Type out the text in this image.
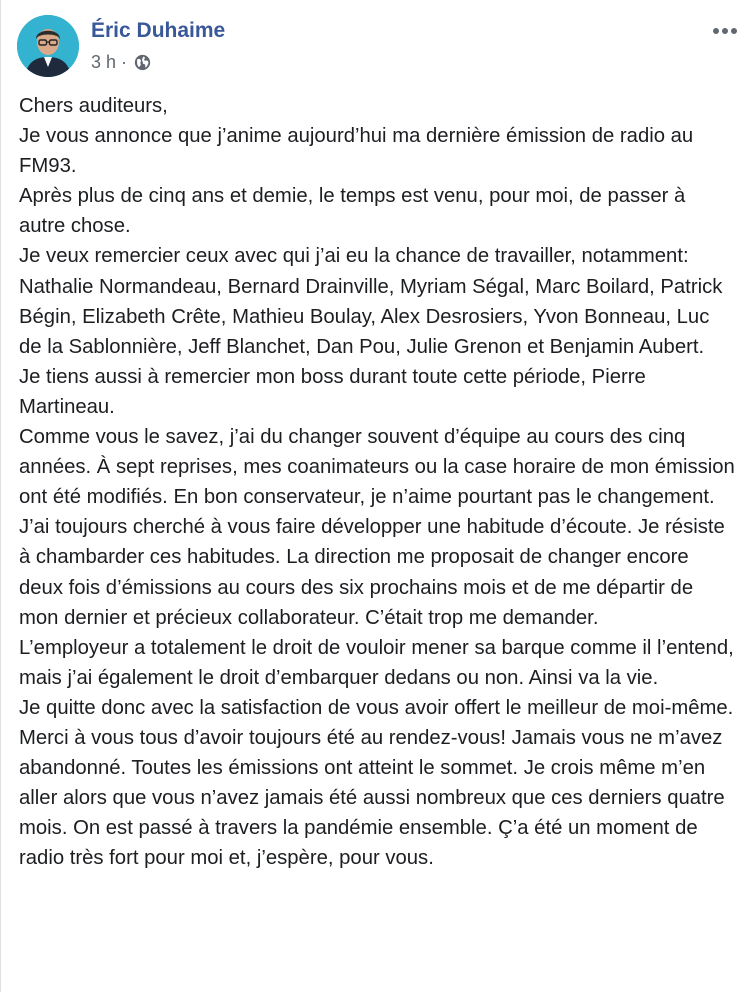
Éric Duhaime
3 h ·

Chers auditeurs,

Je vous annonce que j’anime aujourd’hui ma dernière émission de radio au FM93.

Après plus de cinq ans et demie, le temps est venu, pour moi, de passer à autre chose.

Je veux remercier ceux avec qui j’ai eu la chance de travailler, notamment: Nathalie Normandeau, Bernard Drainville, Myriam Ségal, Marc Boilard, Patrick Bégin, Elizabeth Crête, Mathieu Boulay, Alex Desrosiers, Yvon Bonneau, Luc de la Sablonnière, Jeff Blanchet, Dan Pou, Julie Grenon et Benjamin Aubert.

Je tiens aussi à remercier mon boss durant toute cette période, Pierre Martineau.

Comme vous le savez, j’ai du changer souvent d’équipe au cours des cinq années. À sept reprises, mes coanimateurs ou la case horaire de mon émission ont été modifiés. En bon conservateur, je n’aime pourtant pas le changement. J’ai toujours cherché à vous faire développer une habitude d’écoute. Je résiste à chambarder ces habitudes. La direction me proposait de changer encore deux fois d’émissions au cours des six prochains mois et de me départir de mon dernier et précieux collaborateur. C’était trop me demander.

L’employeur a totalement le droit de vouloir mener sa barque comme il l’entend, mais j’ai également le droit d’embarquer dedans ou non. Ainsi va la vie.

Je quitte donc avec la satisfaction de vous avoir offert le meilleur de moi-même. Merci à vous tous d’avoir toujours été au rendez-vous! Jamais vous ne m’avez abandonné. Toutes les émissions ont atteint le sommet. Je crois même m’en aller alors que vous n’avez jamais été aussi nombreux que ces derniers quatre mois. On est passé à travers la pandémie ensemble. Ç’a été un moment de radio très fort pour moi et, j’espère, pour vous.
